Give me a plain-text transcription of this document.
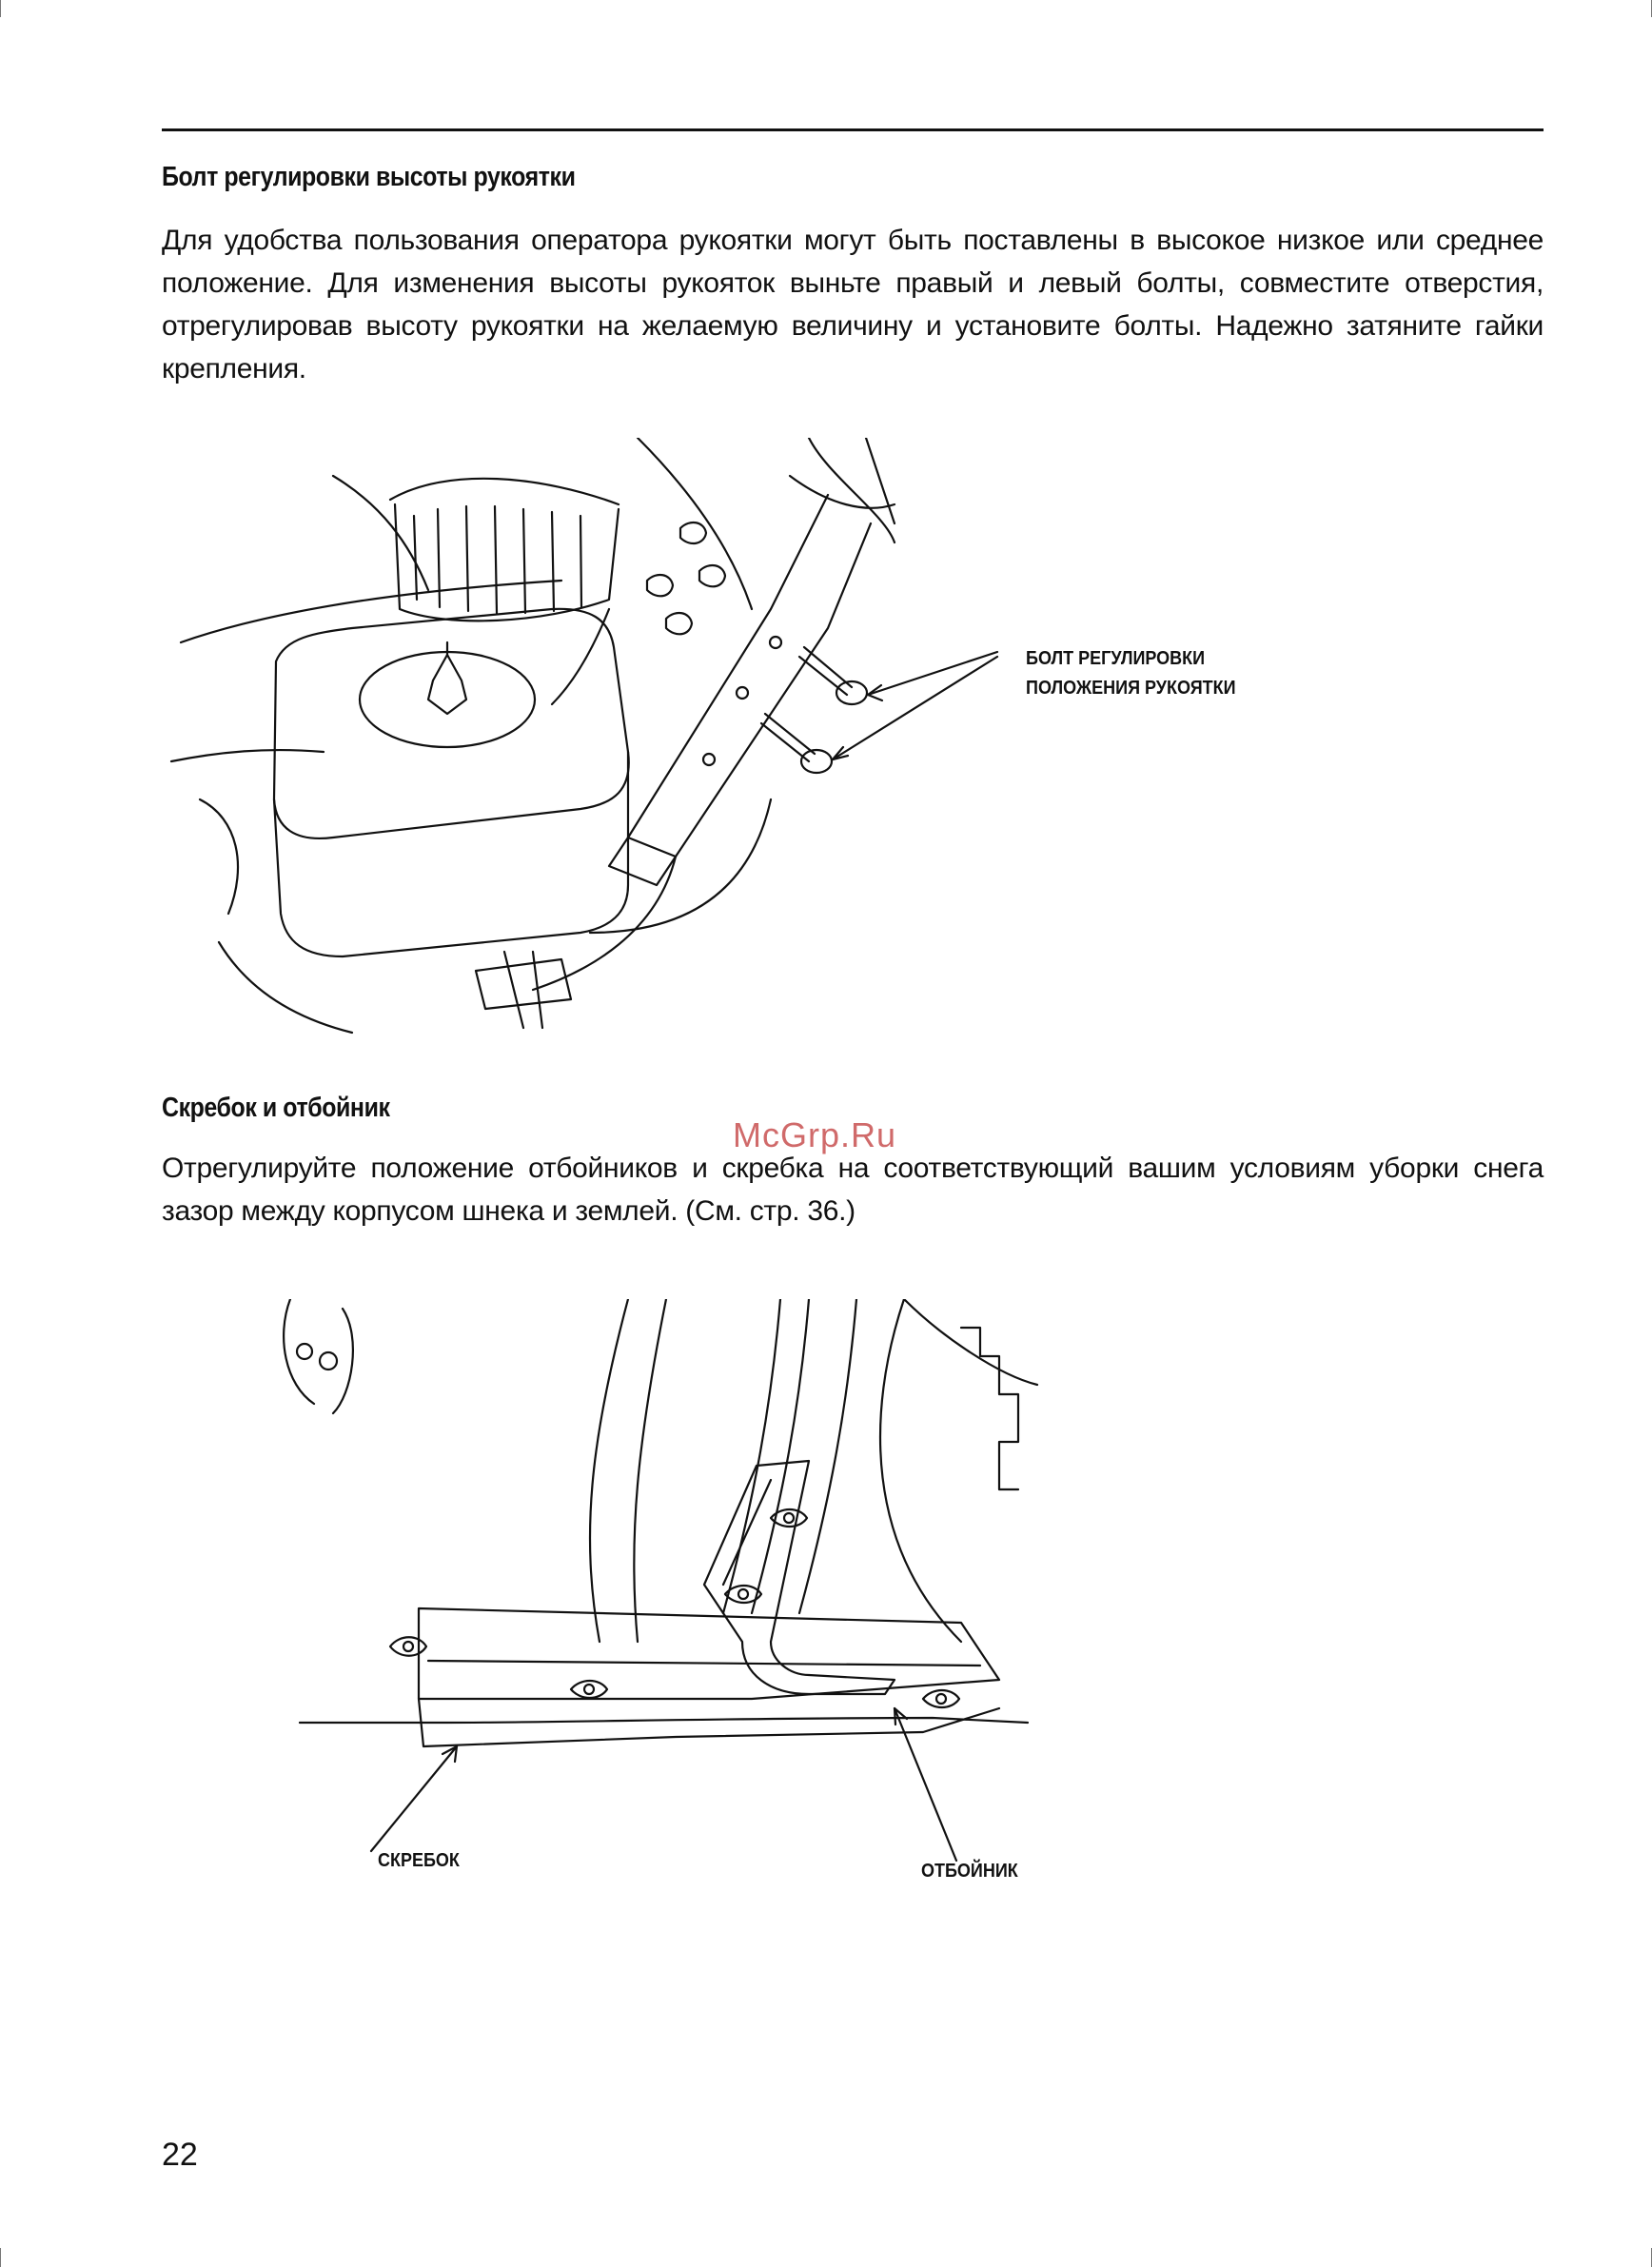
Болт регулировки высоты рукоятки

Для удобства пользования оператора рукоятки могут быть поставлены в высокое низкое или среднее положение. Для изменения высоты рукояток выньте правый и левый болты, совместите отверстия, отрегулировав высоту рукоятки на желаемую величину и установите болты. Надежно затяните гайки крепления.

БОЛТ РЕГУЛИРОВКИ
ПОЛОЖЕНИЯ РУКОЯТКИ
Скребок и отбойник
McGrp.Ru

Отрегулируйте положение отбойников и скребка на соответствующий вашим условиям уборки снега зазор между корпусом шнека и землей. (См. стр. 36.)

СКРЕБОК	ОТБОЙНИК
22
